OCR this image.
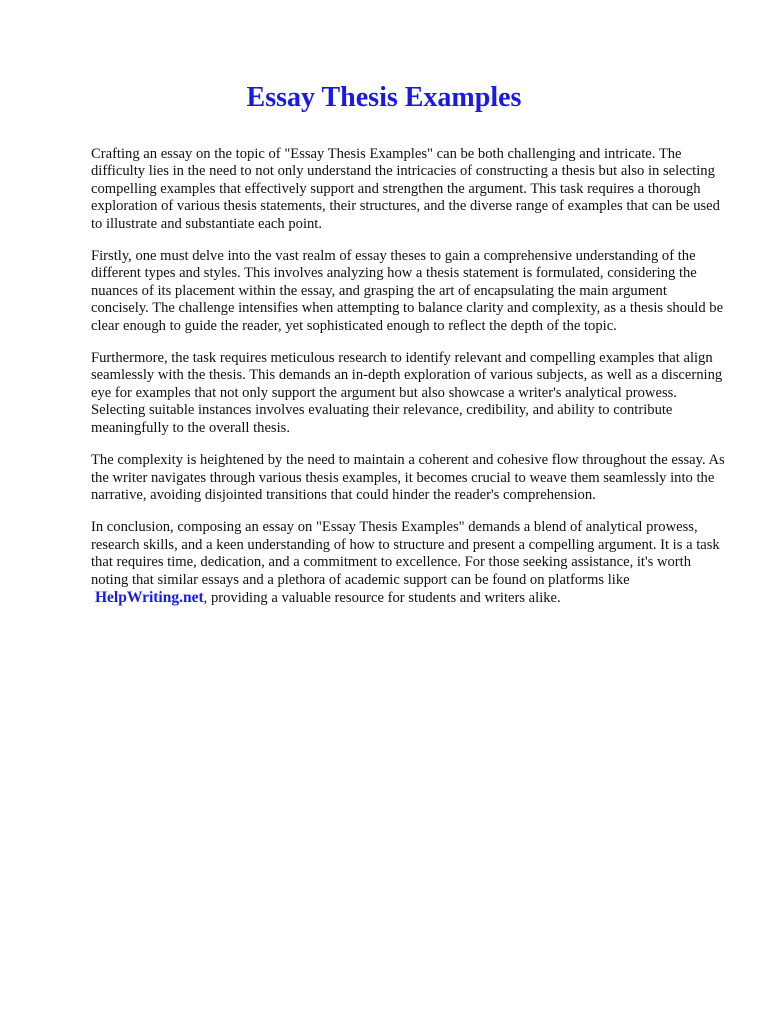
Essay Thesis Examples

Crafting an essay on the topic of "Essay Thesis Examples" can be both challenging and intricate. The difficulty lies in the need to not only understand the intricacies of constructing a thesis but also in selecting compelling examples that effectively support and strengthen the argument. This task requires a thorough exploration of various thesis statements, their structures, and the diverse range of examples that can be used to illustrate and substantiate each point.

Firstly, one must delve into the vast realm of essay theses to gain a comprehensive understanding of the different types and styles. This involves analyzing how a thesis statement is formulated, considering the nuances of its placement within the essay, and grasping the art of encapsulating the main argument concisely. The challenge intensifies when attempting to balance clarity and complexity, as a thesis should be clear enough to guide the reader, yet sophisticated enough to reflect the depth of the topic.

Furthermore, the task requires meticulous research to identify relevant and compelling examples that align seamlessly with the thesis. This demands an in-depth exploration of various subjects, as well as a discerning eye for examples that not only support the argument but also showcase a writer's analytical prowess. Selecting suitable instances involves evaluating their relevance, credibility, and ability to contribute meaningfully to the overall thesis.

The complexity is heightened by the need to maintain a coherent and cohesive flow throughout the essay. As the writer navigates through various thesis examples, it becomes crucial to weave them seamlessly into the narrative, avoiding disjointed transitions that could hinder the reader's comprehension.

In conclusion, composing an essay on "Essay Thesis Examples" demands a blend of analytical prowess, research skills, and a keen understanding of how to structure and present a compelling argument. It is a task that requires time, dedication, and a commitment to excellence. For those seeking assistance, it's worth noting that similar essays and a plethora of academic support can be found on platforms like HelpWriting.net, providing a valuable resource for students and writers alike.
